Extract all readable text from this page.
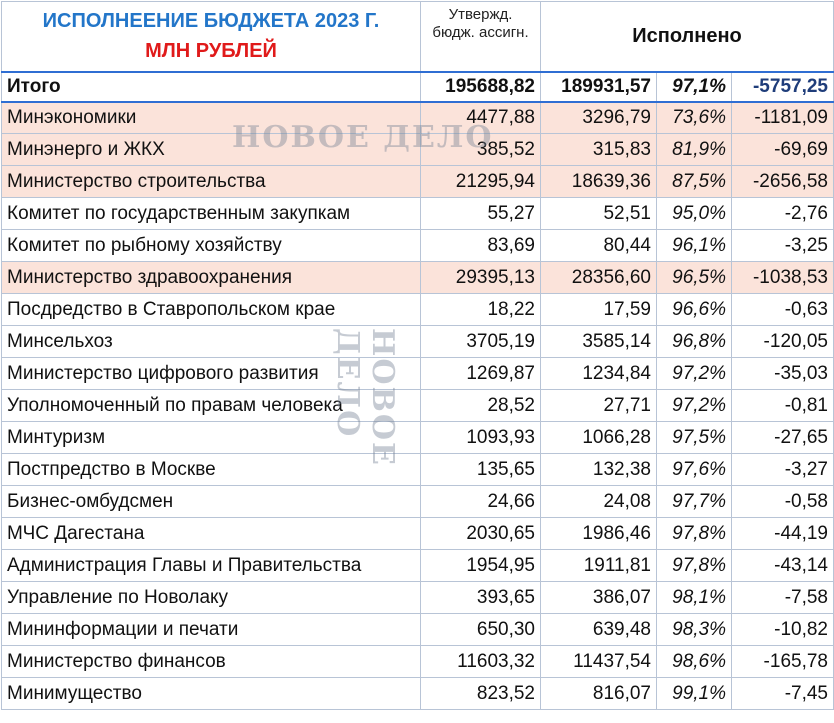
ИСПОЛНЕЕНИЕ БЮДЖЕТА 2023 Г.
МЛН РУБЛЕЙ	Утвержд. бюдж. ассигн.	Исполнено		
Итого	195688,82	189931,57	97,1%	-5757,25
Минэкономики	4477,88	3296,79	73,6%	-1181,09
Минэнерго и ЖКХ	385,52	315,83	81,9%	-69,69
Министерство строительства	21295,94	18639,36	87,5%	-2656,58
Комитет по государственным закупкам	55,27	52,51	95,0%	-2,76
Комитет по рыбному хозяйству	83,69	80,44	96,1%	-3,25
Министерство здравоохранения	29395,13	28356,60	96,5%	-1038,53
Посдредство в Ставропольском крае	18,22	17,59	96,6%	-0,63
Минсельхоз	3705,19	3585,14	96,8%	-120,05
Министерство цифрового развития	1269,87	1234,84	97,2%	-35,03
Уполномоченный по правам человека	28,52	27,71	97,2%	-0,81
Минтуризм	1093,93	1066,28	97,5%	-27,65
Постпредство в Москве	135,65	132,38	97,6%	-3,27
Бизнес-омбудсмен	24,66	24,08	97,7%	-0,58
МЧС Дагестана	2030,65	1986,46	97,8%	-44,19
Администрация Главы и Правительства	1954,95	1911,81	97,8%	-43,14
Управление по Новолаку	393,65	386,07	98,1%	-7,58
Мининформации и печати	650,30	639,48	98,3%	-10,82
Министерство финансов	11603,32	11437,54	98,6%	-165,78
Минимущество	823,52	816,07	99,1%	-7,45
НОВОЕ ДЕЛО
НОВОЕ ДЕЛО
